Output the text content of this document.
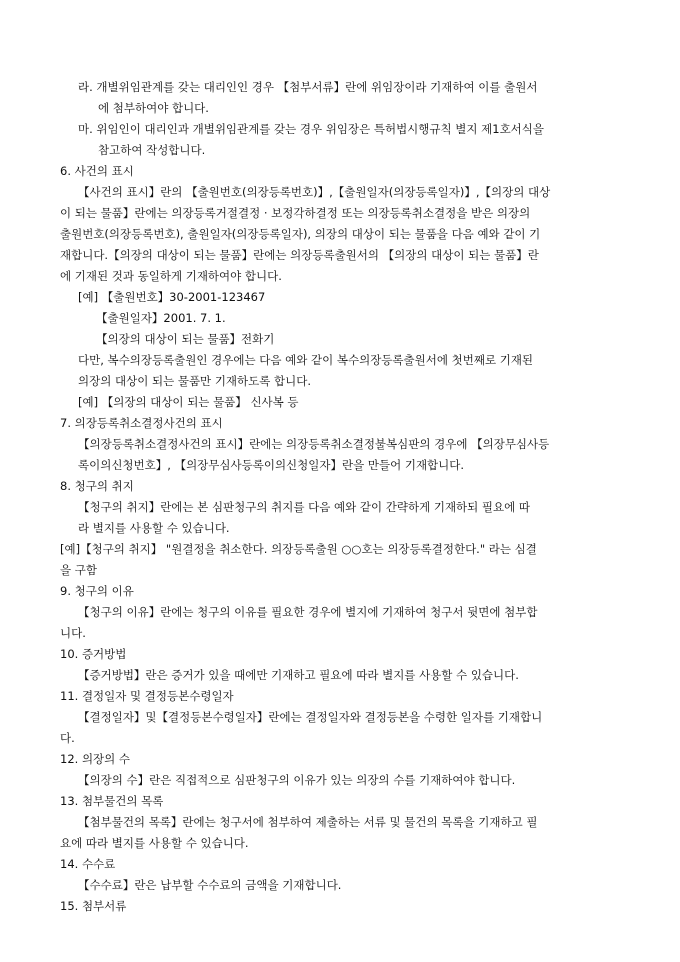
라. 개별위임관계를 갖는 대리인인 경우 【첨부서류】란에 위임장이라 기재하여 이를 출원서

에 첨부하여야 합니다.

마. 위임인이 대리인과 개별위임관계를 갖는 경우 위임장은 특허법시행규칙 별지 제1호서식을

참고하여 작성합니다.

6. 사건의 표시

【사건의 표시】란의 【출원번호(의장등록번호)】,【출원일자(의장등록일자)】,【의장의 대상

이 되는 물품】란에는 의장등록거절결정 · 보정각하결정 또는 의장등록취소결정을 받은 의장의

출원번호(의장등록번호), 출원일자(의장등록일자), 의장의 대상이 되는 물품을 다음 예와 같이 기

재합니다.【의장의 대상이 되는 물품】란에는 의장등록출원서의 【의장의 대상이 되는 물품】란

에 기재된 것과 동일하게 기재하여야 합니다.

[예] 【출원번호】30-2001-123467

【출원일자】2001. 7. 1.

【의장의 대상이 되는 물품】전화기

다만, 복수의장등록출원인 경우에는 다음 예와 같이 복수의장등록출원서에 첫번째로 기재된

의장의 대상이 되는 물품만 기재하도록 합니다.

[예] 【의장의 대상이 되는 물품】 신사복 등

7. 의장등록취소결정사건의 표시

【의장등록취소결정사건의 표시】란에는 의장등록취소결정불복심판의 경우에 【의장무심사등

록이의신청번호】, 【의장무심사등록이의신청일자】란을 만들어 기재합니다.

8. 청구의 취지

【청구의 취지】란에는 본 심판청구의 취지를 다음 예와 같이 간략하게 기재하되 필요에 따

라 별지를 사용할 수 있습니다.

[예]【청구의 취지】 "원결정을 취소한다. 의장등록출원 ○○호는 의장등록결정한다." 라는 심결

을 구함

9. 청구의 이유

【청구의 이유】란에는 청구의 이유를 필요한 경우에 별지에 기재하여 청구서 뒷면에 첨부합

니다.

10. 증거방법

【증거방법】란은 증거가 있을 때에만 기재하고 필요에 따라 별지를 사용할 수 있습니다.

11. 결정일자 및 결정등본수령일자

【결정일자】및【결정등본수령일자】란에는 결정일자와 결정등본을 수령한 일자를 기재합니

다.

12. 의장의 수

【의장의 수】란은 직접적으로 심판청구의 이유가 있는 의장의 수를 기재하여야 합니다.

13. 첨부물건의 목록

【첨부물건의 목록】란에는 청구서에 첨부하여 제출하는 서류 및 물건의 목록을 기재하고 필

요에 따라 별지를 사용할 수 있습니다.

14. 수수료

【수수료】란은 납부할 수수료의 금액을 기재합니다.

15. 첨부서류
